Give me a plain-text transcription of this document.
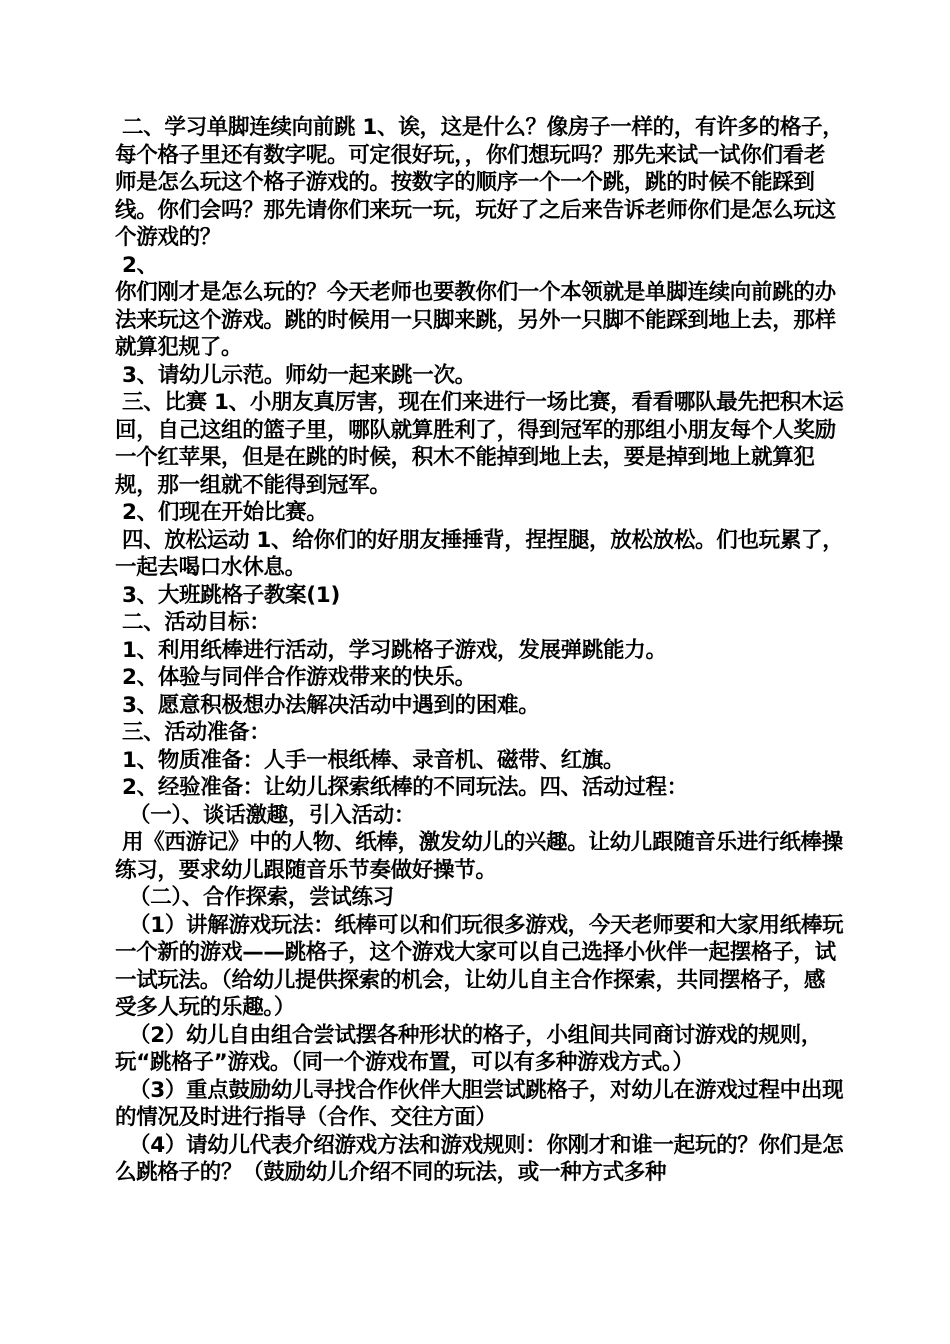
二、学习单脚连续向前跳 1、诶，这是什么？像房子一样的，有许多的格子，每个格子里还有数字呢。可定很好玩，，你们想玩吗？那先来试一试你们看老师是怎么玩这个格子游戏的。按数字的顺序一个一个跳，跳的时候不能踩到线。你们会吗？那先请你们来玩一玩，玩好了之后来告诉老师你们是怎么玩这个游戏的？

2、

你们刚才是怎么玩的？今天老师也要教你们一个本领就是单脚连续向前跳的办法来玩这个游戏。跳的时候用一只脚来跳，另外一只脚不能踩到地上去，那样就算犯规了。

3、请幼儿示范。师幼一起来跳一次。

三、比赛 1、小朋友真厉害，现在们来进行一场比赛，看看哪队最先把积木运回，自己这组的篮子里，哪队就算胜利了，得到冠军的那组小朋友每个人奖励一个红苹果，但是在跳的时候，积木不能掉到地上去，要是掉到地上就算犯规，那一组就不能得到冠军。

2、们现在开始比赛。

四、放松运动 1、给你们的好朋友捶捶背，捏捏腿，放松放松。们也玩累了，一起去喝口水休息。

3、大班跳格子教案(1)

二、活动目标：

1、利用纸棒进行活动，学习跳格子游戏，发展弹跳能力。

2、体验与同伴合作游戏带来的快乐。

3、愿意积极想办法解决活动中遇到的困难。

三、活动准备：

1、物质准备：人手一根纸棒、录音机、磁带、红旗。

2、经验准备：让幼儿探索纸棒的不同玩法。四、活动过程：

（一）、谈话激趣，引入活动：

用《西游记》中的人物、纸棒，激发幼儿的兴趣。让幼儿跟随音乐进行纸棒操练习，要求幼儿跟随音乐节奏做好操节。

（二）、合作探索，尝试练习

（1）讲解游戏玩法：纸棒可以和们玩很多游戏，今天老师要和大家用纸棒玩一个新的游戏——跳格子，这个游戏大家可以自己选择小伙伴一起摆格子，试一试玩法。（给幼儿提供探索的机会，让幼儿自主合作探索，共同摆格子，感受多人玩的乐趣。）

（2）幼儿自由组合尝试摆各种形状的格子，小组间共同商讨游戏的规则，玩“跳格子”游戏。（同一个游戏布置，可以有多种游戏方式。）

（3）重点鼓励幼儿寻找合作伙伴大胆尝试跳格子，对幼儿在游戏过程中出现的情况及时进行指导（合作、交往方面）

（4）请幼儿代表介绍游戏方法和游戏规则：你刚才和谁一起玩的？你们是怎么跳格子的？（鼓励幼儿介绍不同的玩法，或一种方式多种
